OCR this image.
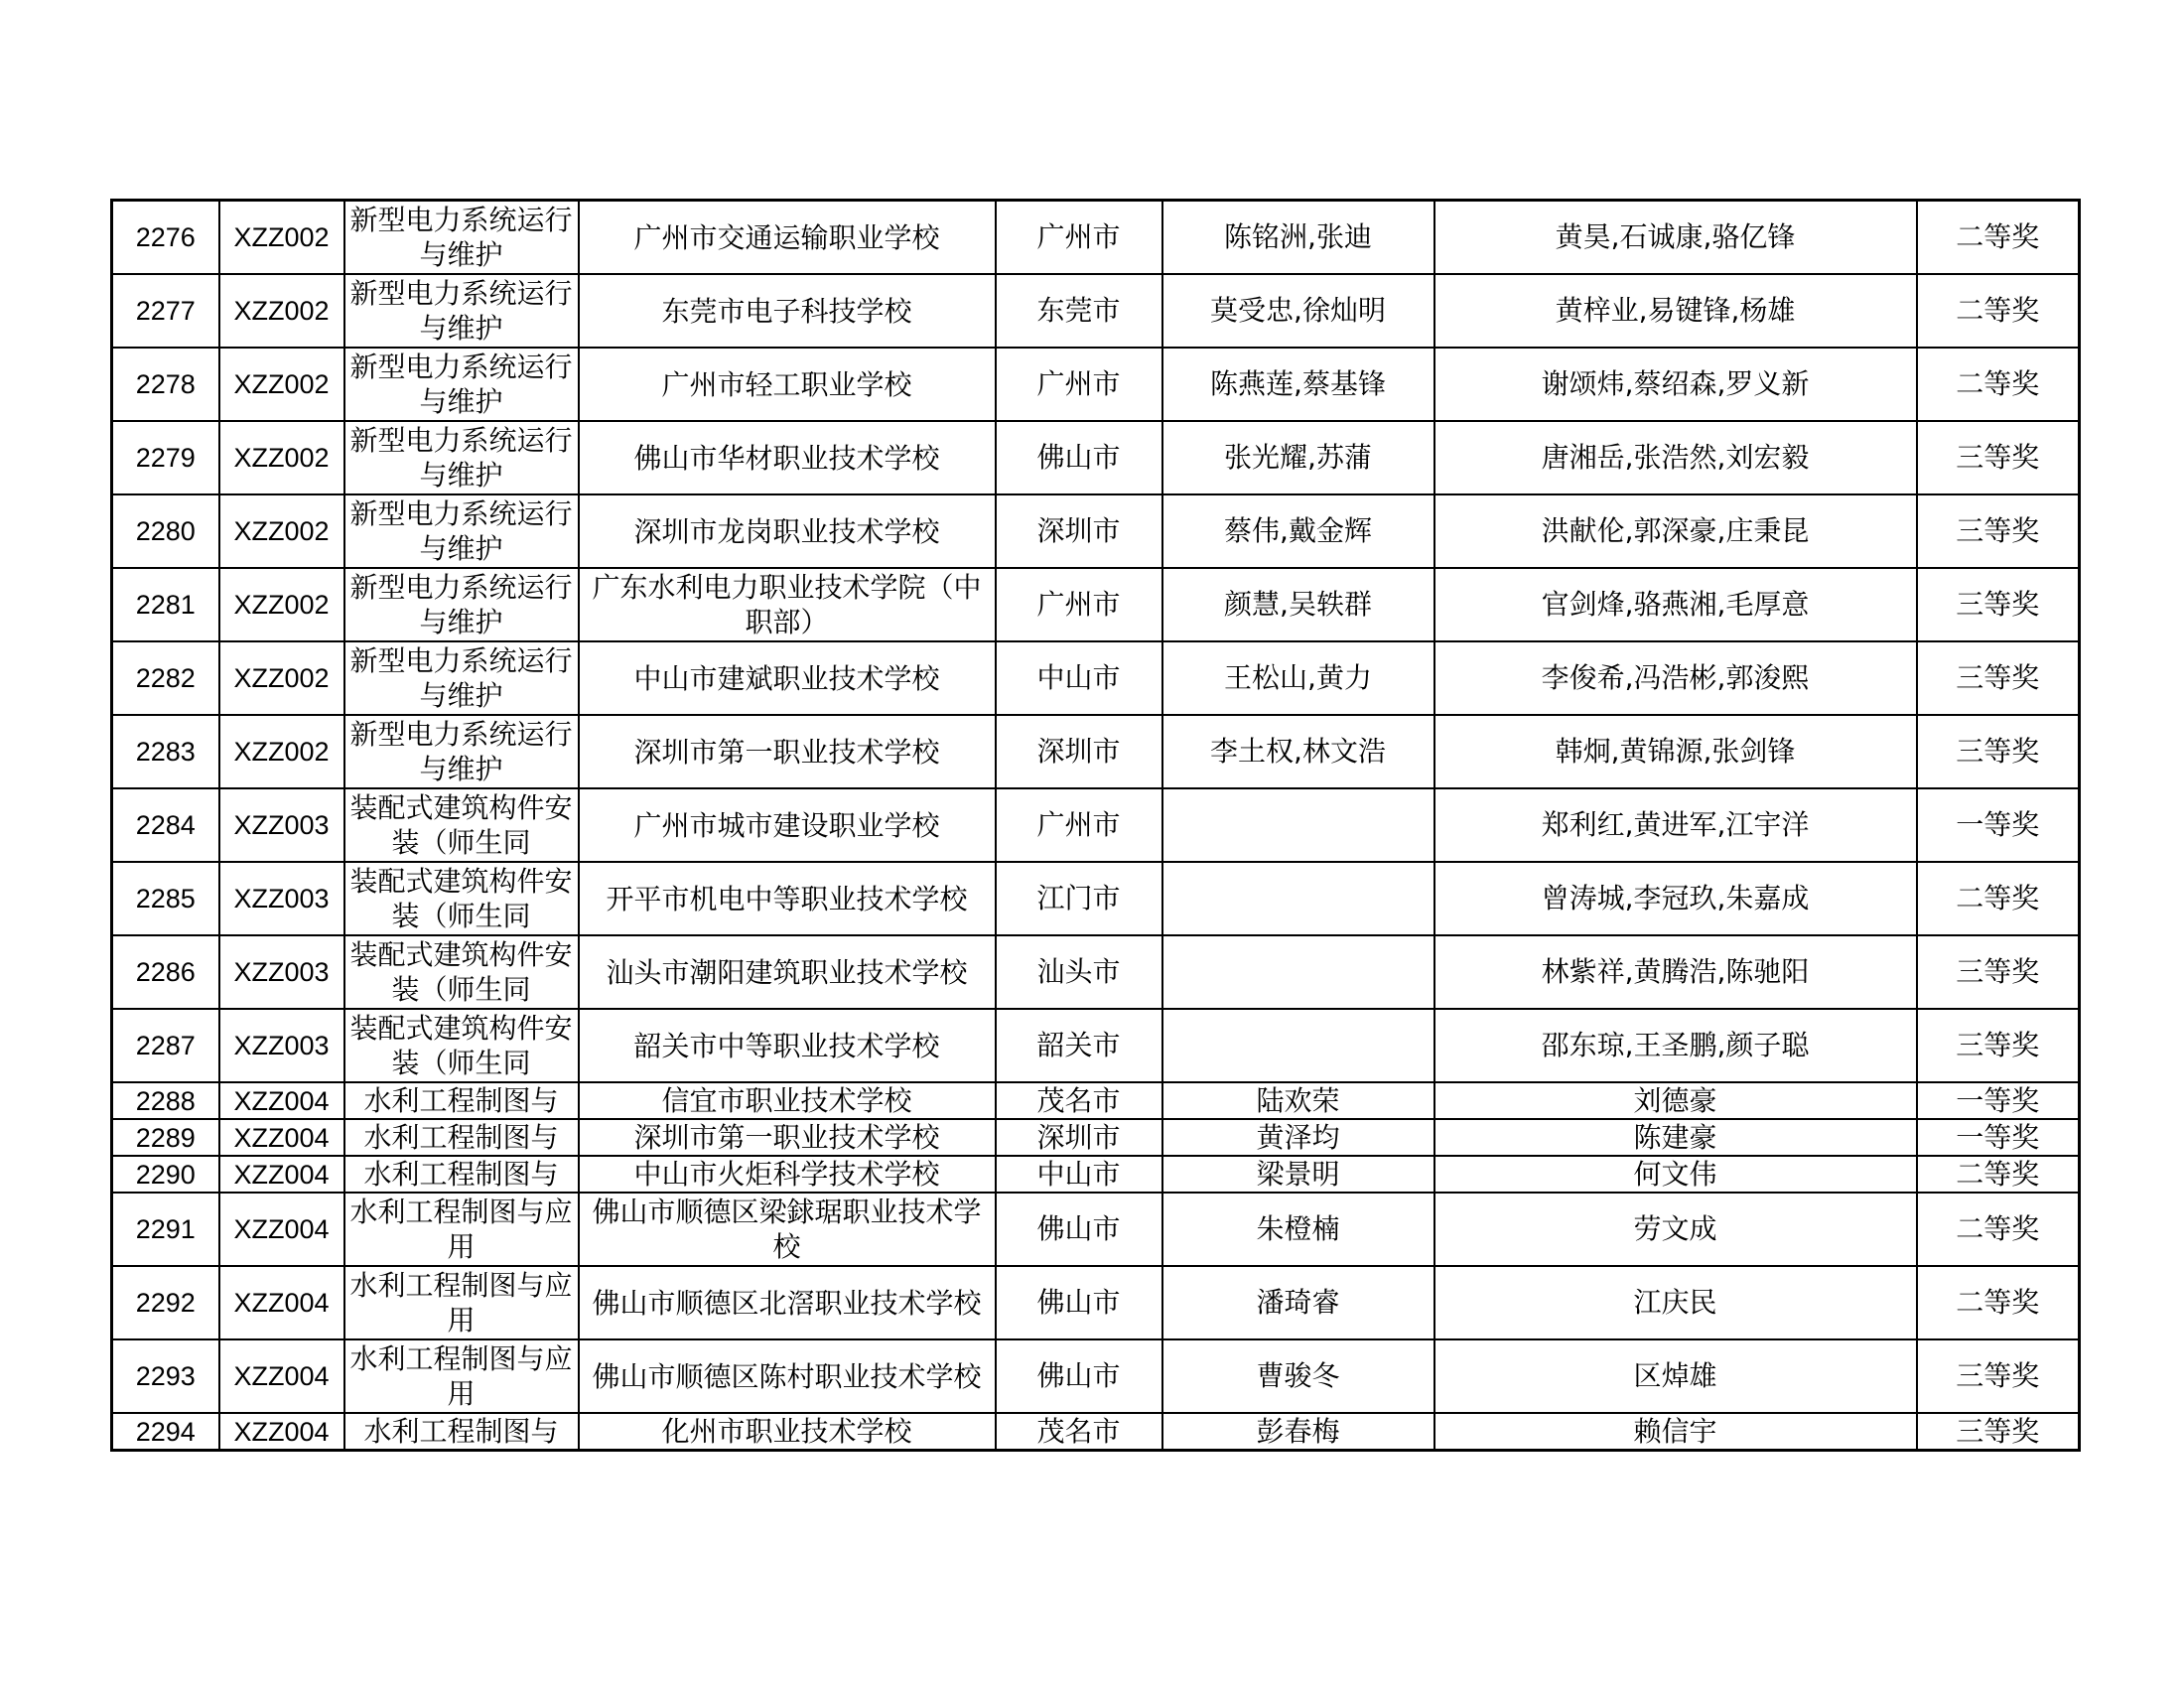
2276	XZZ002	新型电力系统运行与维护	广州市交通运输职业学校	广州市	陈铭洲,张迪	黄昊,石诚康,骆亿锋	二等奖
2277	XZZ002	新型电力系统运行与维护	东莞市电子科技学校	东莞市	莫受忠,徐灿明	黄梓业,易键锋,杨雄	二等奖
2278	XZZ002	新型电力系统运行与维护	广州市轻工职业学校	广州市	陈燕莲,蔡基锋	谢颂炜,蔡绍森,罗义新	二等奖
2279	XZZ002	新型电力系统运行与维护	佛山市华材职业技术学校	佛山市	张光耀,苏蒲	唐湘岳,张浩然,刘宏毅	三等奖
2280	XZZ002	新型电力系统运行与维护	深圳市龙岗职业技术学校	深圳市	蔡伟,戴金辉	洪献伦,郭深豪,庄秉昆	三等奖
2281	XZZ002	新型电力系统运行与维护	广东水利电力职业技术学院（中职部）	广州市	颜慧,吴轶群	官剑烽,骆燕湘,毛厚意	三等奖
2282	XZZ002	新型电力系统运行与维护	中山市建斌职业技术学校	中山市	王松山,黄力	李俊希,冯浩彬,郭浚熙	三等奖
2283	XZZ002	新型电力系统运行与维护	深圳市第一职业技术学校	深圳市	李土权,林文浩	韩炯,黄锦源,张剑锋	三等奖
2284	XZZ003	装配式建筑构件安装（师生同	广州市城市建设职业学校	广州市		郑利红,黄进军,江宇洋	一等奖
2285	XZZ003	装配式建筑构件安装（师生同	开平市机电中等职业技术学校	江门市		曾涛城,李冠玖,朱嘉成	二等奖
2286	XZZ003	装配式建筑构件安装（师生同	汕头市潮阳建筑职业技术学校	汕头市		林紫祥,黄腾浩,陈驰阳	三等奖
2287	XZZ003	装配式建筑构件安装（师生同	韶关市中等职业技术学校	韶关市		邵东琼,王圣鹏,颜子聪	三等奖
2288	XZZ004	水利工程制图与	信宜市职业技术学校	茂名市	陆欢荣	刘德豪	一等奖
2289	XZZ004	水利工程制图与	深圳市第一职业技术学校	深圳市	黄泽均	陈建豪	一等奖
2290	XZZ004	水利工程制图与	中山市火炬科学技术学校	中山市	梁景明	何文伟	二等奖
2291	XZZ004	水利工程制图与应用	佛山市顺德区梁銶琚职业技术学校	佛山市	朱橙楠	劳文成	二等奖
2292	XZZ004	水利工程制图与应用	佛山市顺德区北滘职业技术学校	佛山市	潘琦睿	江庆民	二等奖
2293	XZZ004	水利工程制图与应用	佛山市顺德区陈村职业技术学校	佛山市	曹骏冬	区焯雄	三等奖
2294	XZZ004	水利工程制图与	化州市职业技术学校	茂名市	彭春梅	赖信宇	三等奖
